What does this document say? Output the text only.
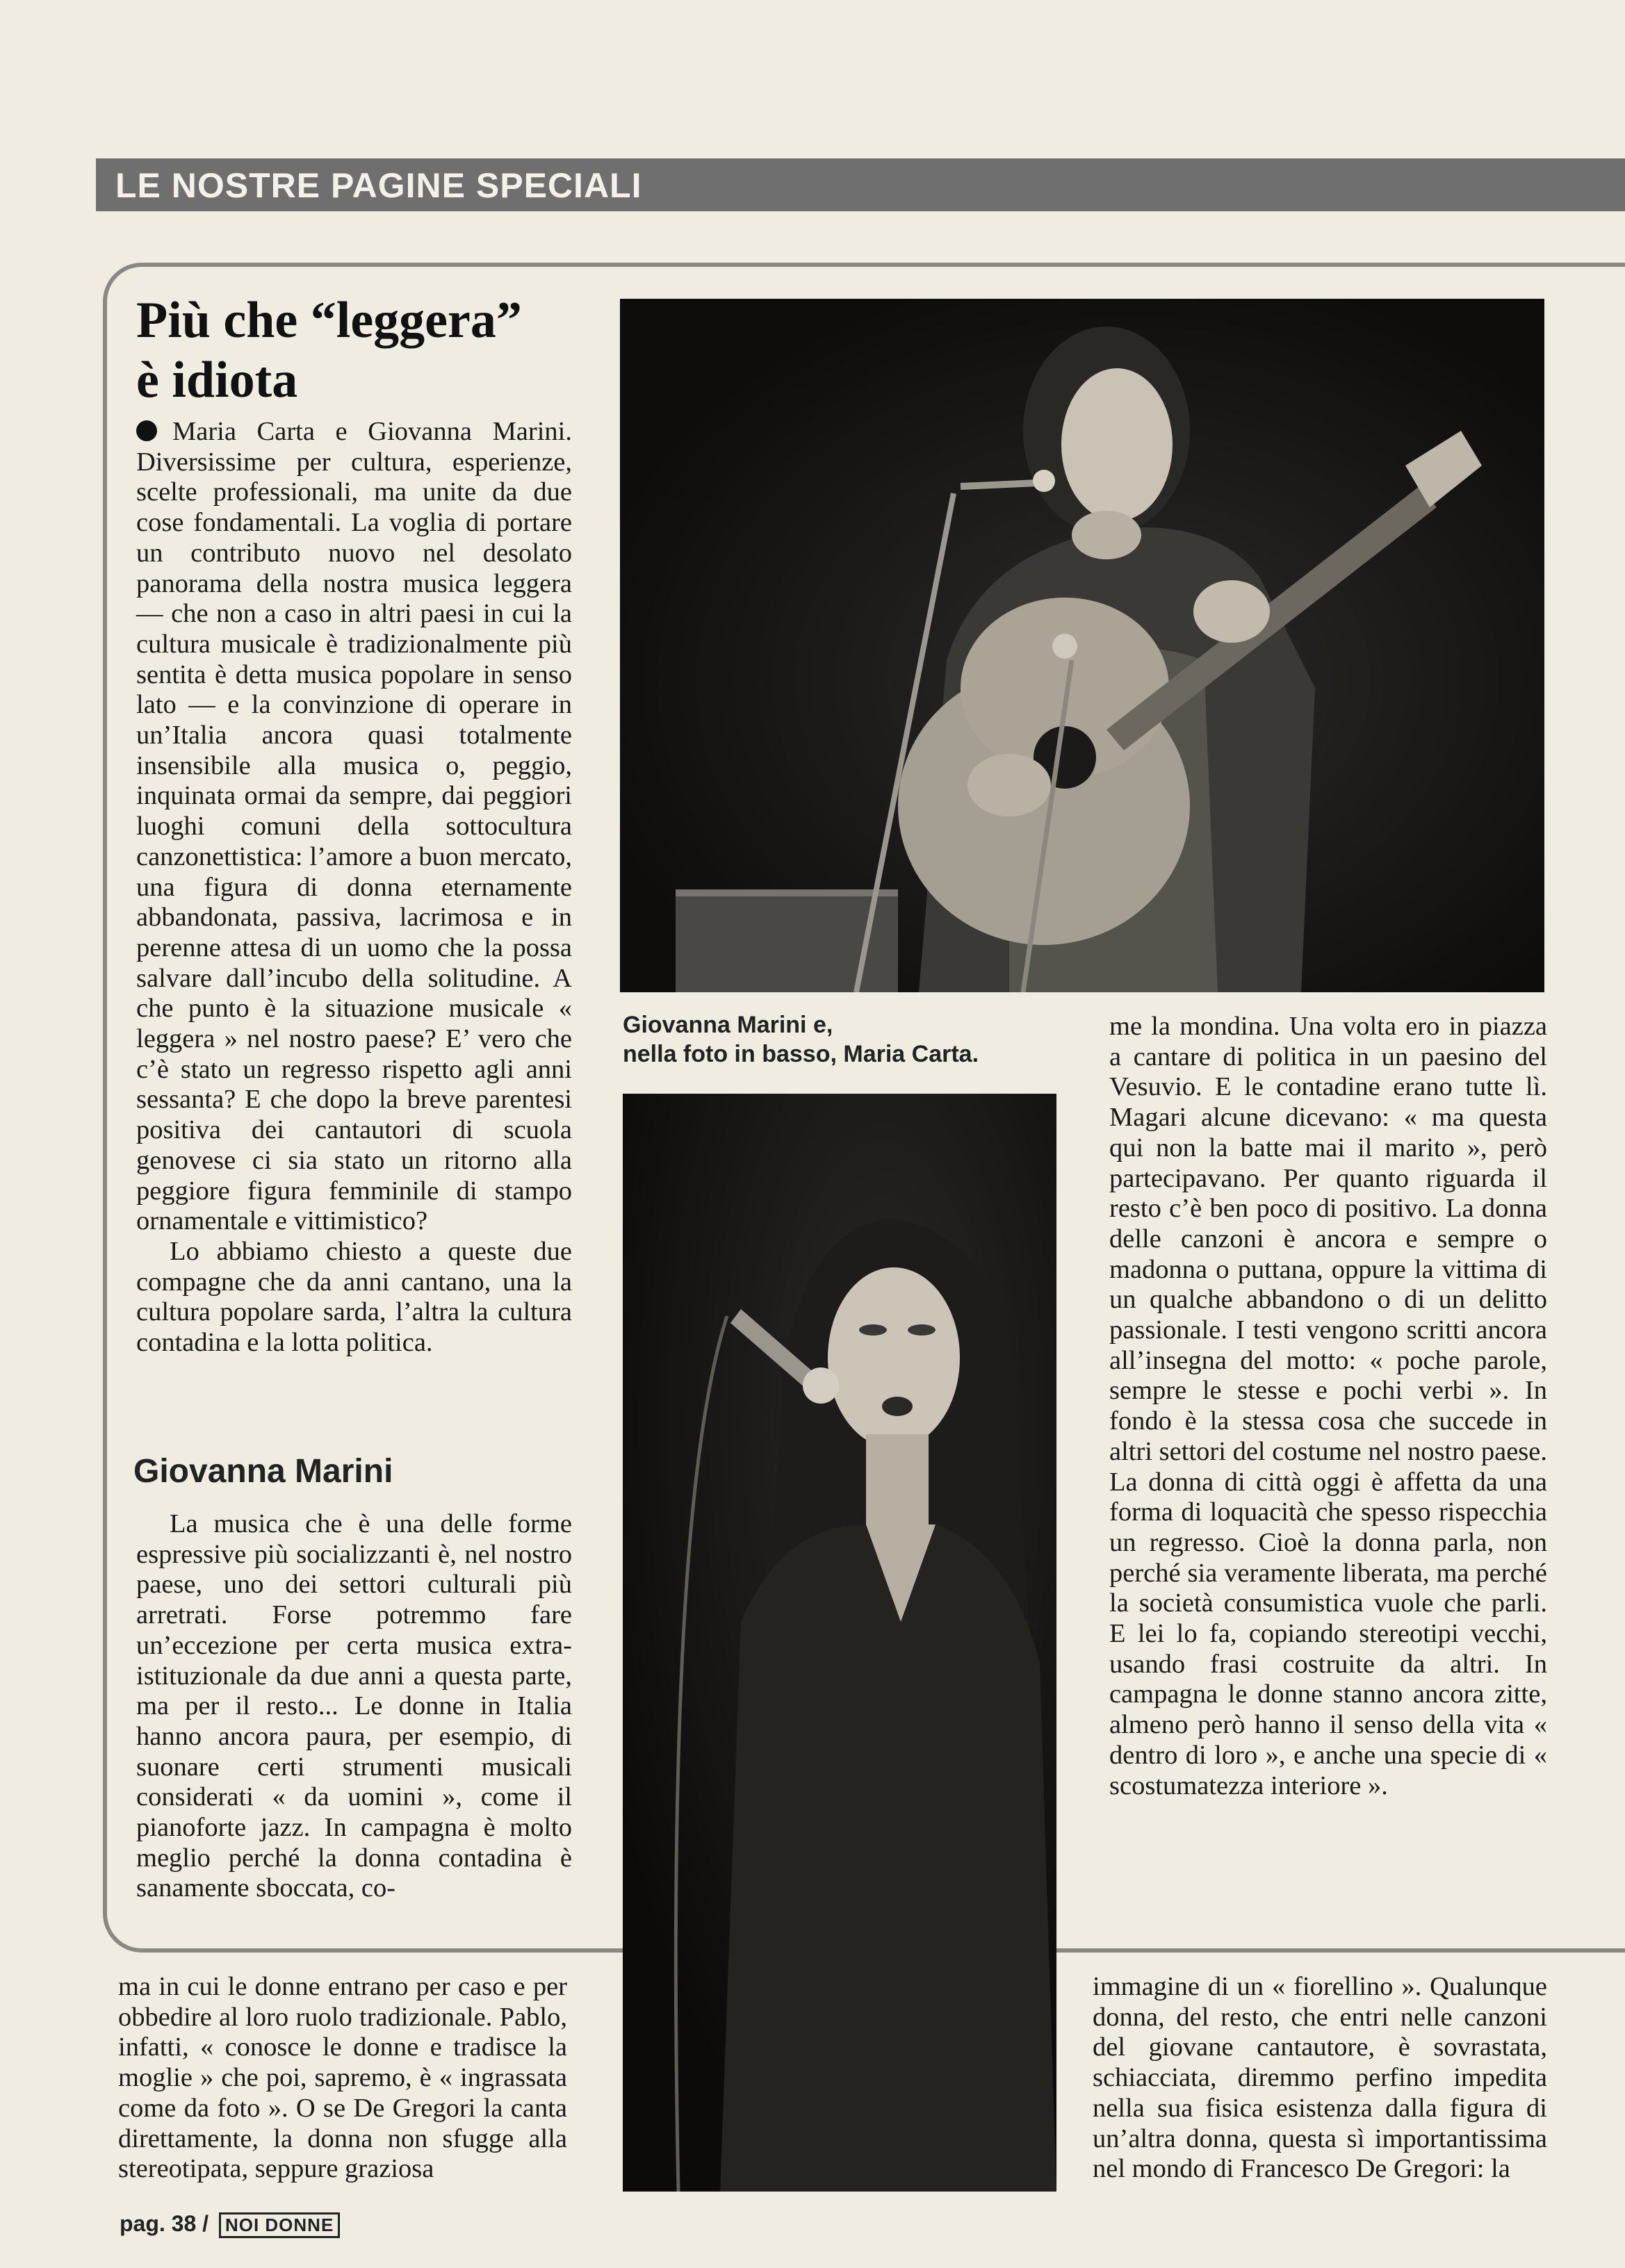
LE NOSTRE PAGINE SPECIALI
Più che “leggera”
è idiota

Maria Carta e Giovanna Marini. Diversissime per cultura, esperienze, scelte professionali, ma unite da due cose fondamentali. La voglia di portare un contributo nuovo nel desolato panorama della nostra musica leggera — che non a caso in altri paesi in cui la cultura musicale è tradizionalmente più sentita è detta musica popolare in senso lato — e la convinzione di operare in un’Italia ancora quasi totalmente insensibile alla musica o, peggio, inquinata ormai da sempre, dai peggiori luoghi comuni della sottocultura canzonettistica: l’amore a buon mercato, una figura di donna eternamente abbandonata, passiva, lacrimosa e in perenne attesa di un uomo che la possa salvare dall’incubo della solitudine. A che punto è la situazione musicale « leggera » nel nostro paese? E’ vero che c’è stato un regresso rispetto agli anni sessanta? E che dopo la breve parentesi positiva dei cantautori di scuola genovese ci sia stato un ritorno alla peggiore figura femminile di stampo ornamentale e vittimistico?

Lo abbiamo chiesto a queste due compagne che da anni cantano, una la cultura popolare sarda, l’altra la cultura contadina e la lotta politica.

Giovanna Marini

La musica che è una delle forme espressive più socializzanti è, nel nostro paese, uno dei settori culturali più arretrati. Forse potremmo fare un’eccezione per certa musica extra-istituzionale da due anni a questa parte, ma per il resto... Le donne in Italia hanno ancora paura, per esempio, di suonare certi strumenti musicali considerati « da uomini », come il pianoforte jazz. In campagna è molto meglio perché la donna contadina è sanamente sboccata, co-

Giovanna Marini e,
nella foto in basso, Maria Carta.

me la mondina. Una volta ero in piazza a cantare di politica in un paesino del Vesuvio. E le contadine erano tutte lì. Magari alcune dicevano: « ma questa qui non la batte mai il marito », però partecipavano. Per quanto riguarda il resto c’è ben poco di positivo. La donna delle canzoni è ancora e sempre o madonna o puttana, oppure la vittima di un qualche abbandono o di un delitto passionale. I testi vengono scritti ancora all’insegna del motto: « poche parole, sempre le stesse e pochi verbi ». In fondo è la stessa cosa che succede in altri settori del costume nel nostro paese. La donna di città oggi è affetta da una forma di loquacità che spesso rispecchia un regresso. Cioè la donna parla, non perché sia veramente liberata, ma perché la società consumistica vuole che parli. E lei lo fa, copiando stereotipi vecchi, usando frasi costruite da altri. In campagna le donne stanno ancora zitte, almeno però hanno il senso della vita « dentro di loro », e anche una specie di « scostumatezza interiore ».

ma in cui le donne entrano per caso e per obbedire al loro ruolo tradizionale. Pablo, infatti, « conosce le donne e tradisce la moglie » che poi, sapremo, è « ingrassata come da foto ». O se De Gregori la canta direttamente, la donna non sfugge alla stereotipata, seppure graziosa

immagine di un « fiorellino ». Qualunque donna, del resto, che entri nelle canzoni del giovane cantautore, è sovrastata, schiacciata, diremmo perfino impedita nella sua fisica esistenza dalla figura di un’altra donna, questa sì importantissima nel mondo di Francesco De Gregori: la

pag. 38 / NOI DONNE
